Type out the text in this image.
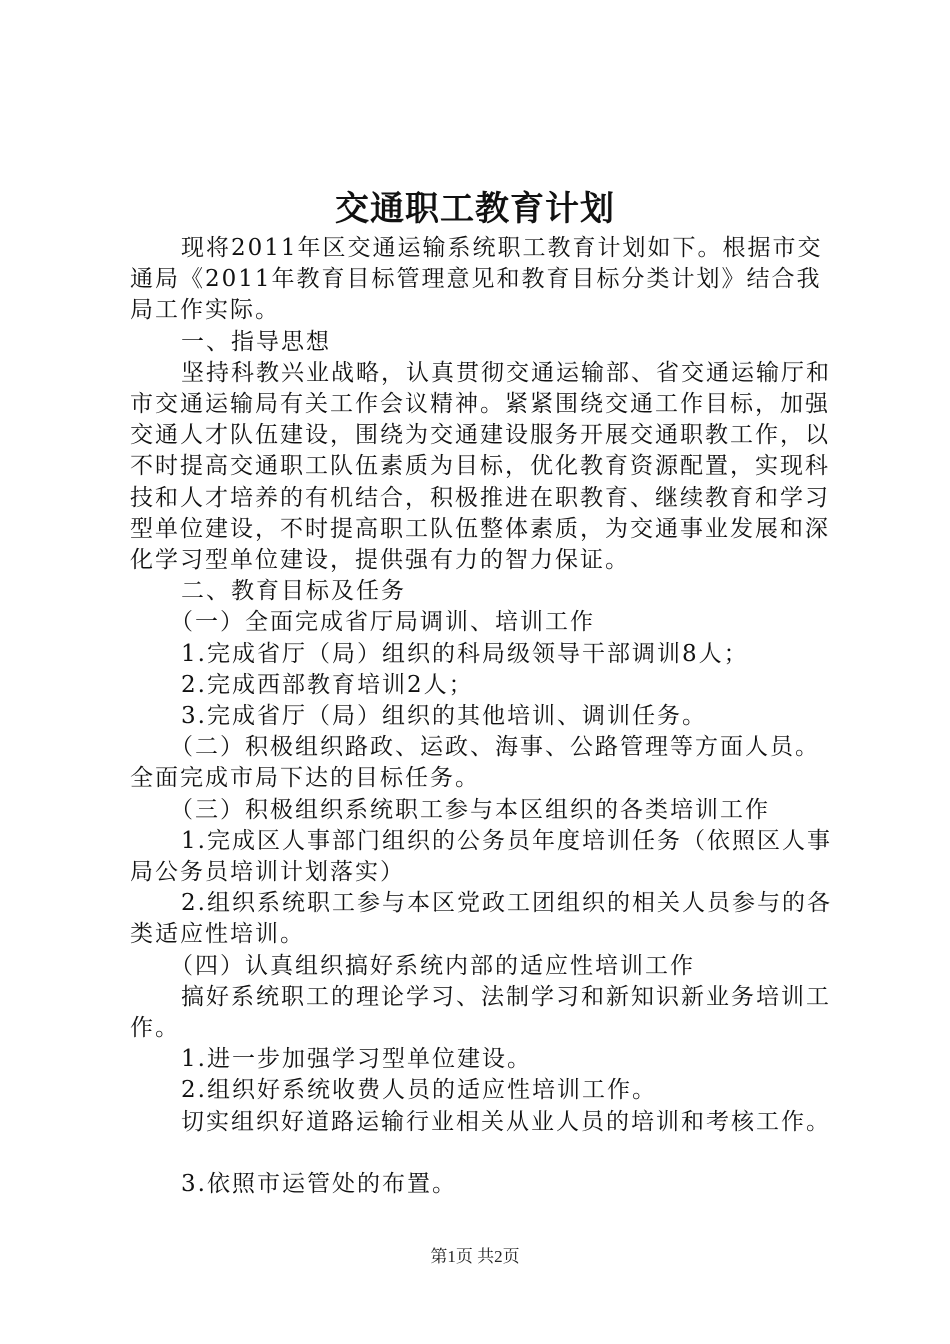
交通职工教育计划

现将2011年区交通运输系统职工教育计划如下。根据市交通局《2011年教育目标管理意见和教育目标分类计划》结合我局工作实际。

一、指导思想

坚持科教兴业战略，认真贯彻交通运输部、省交通运输厅和市交通运输局有关工作会议精神。紧紧围绕交通工作目标，加强交通人才队伍建设，围绕为交通建设服务开展交通职教工作，以不时提高交通职工队伍素质为目标，优化教育资源配置，实现科技和人才培养的有机结合，积极推进在职教育、继续教育和学习型单位建设，不时提高职工队伍整体素质，为交通事业发展和深化学习型单位建设，提供强有力的智力保证。

二、教育目标及任务

（一）全面完成省厅局调训、培训工作

1.完成省厅（局）组织的科局级领导干部调训8人；

2.完成西部教育培训2人；

3.完成省厅（局）组织的其他培训、调训任务。

（二）积极组织路政、运政、海事、公路管理等方面人员。全面完成市局下达的目标任务。

（三）积极组织系统职工参与本区组织的各类培训工作

1.完成区人事部门组织的公务员年度培训任务（依照区人事局公务员培训计划落实）

2.组织系统职工参与本区党政工团组织的相关人员参与的各类适应性培训。

（四）认真组织搞好系统内部的适应性培训工作

搞好系统职工的理论学习、法制学习和新知识新业务培训工作。

1.进一步加强学习型单位建设。

2.组织好系统收费人员的适应性培训工作。

切实组织好道路运输行业相关从业人员的培训和考核工作。

3.依照市运管处的布置。

第1页 共2页
